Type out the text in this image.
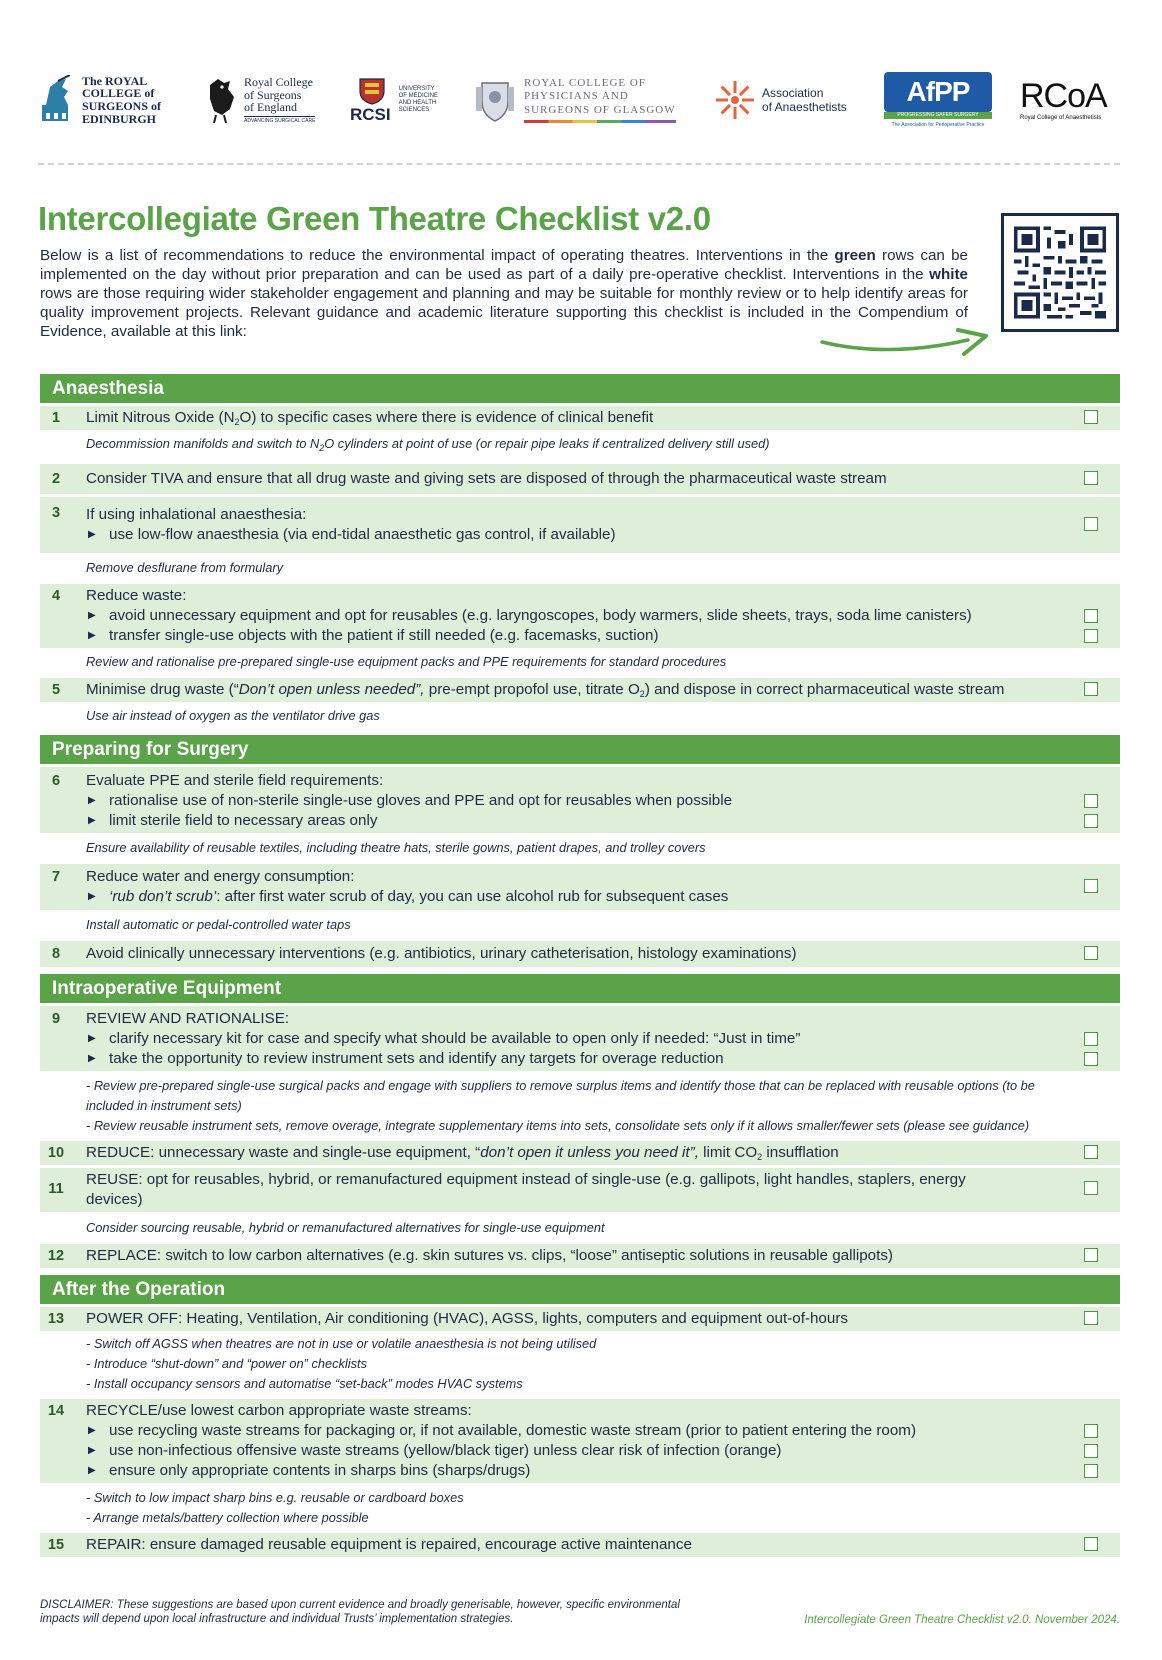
The ROYAL
COLLEGE of
SURGEONS of
EDINBURGH
Royal College
of Surgeons
of England
ADVANCING SURGICAL CARE RCSI
UNIVERSITY
OF MEDICINE
AND HEALTH
SCIENCES
ROYAL COLLEGE OF
PHYSICIANS AND
SURGEONS OF GLASGOW
Association
of Anaesthetists AfPP
PROGRESSING SAFER SURGERY
The Association for Perioperative Practice
RCoA
Royal College of Anaesthetists
Intercollegiate Green Theatre Checklist v2.0
Below is a list of recommendations to reduce the environmental impact of operating theatres. Interventions in the green rows can be implemented on the day without prior preparation and can be used as part of a daily pre-operative checklist. Interventions in the white rows are those requiring wider stakeholder engagement and planning and may be suitable for monthly review or to help identify areas for quality improvement projects. Relevant guidance and academic literature supporting this checklist is included in the Compendium of Evidence, available at this link:
Anaesthesia
1	Limit Nitrous Oxide $(N_2O)$ to specific cases where there is evidence of clinical benefit
Decommission manifolds and switch to $N_2O$ cylinders at point of use (or repair pipe leaks if centralized delivery still used)
2	Consider TIVA and ensure that all drug waste and giving sets are disposed of through the pharmaceutical waste stream
3	If using inhalational anaesthesia:
▶ use low-flow anaesthesia (via end-tidal anaesthetic gas control, if available)
Remove desflurane from formulary
4	Reduce waste:
▶ avoid unnecessary equipment and opt for reusables (e.g. laryngoscopes, body warmers, slide sheets, trays, soda lime canisters)
▶ transfer single-use objects with the patient if still needed (e.g. facemasks, suction)
Review and rationalise pre-prepared single-use equipment packs and PPE requirements for standard procedures
5	Minimise drug waste (“Don’t open unless needed”, pre-empt propofol use, titrate $O_2$) and dispose in correct pharmaceutical waste stream
Use air instead of oxygen as the ventilator drive gas
Preparing for Surgery
6	Evaluate PPE and sterile field requirements:
▶ rationalise use of non-sterile single-use gloves and PPE and opt for reusables when possible
▶ limit sterile field to necessary areas only
Ensure availability of reusable textiles, including theatre hats, sterile gowns, patient drapes, and trolley covers
7	Reduce water and energy consumption:
▶ ‘rub don’t scrub’: after first water scrub of day, you can use alcohol rub for subsequent cases
Install automatic or pedal-controlled water taps
8	Avoid clinically unnecessary interventions (e.g. antibiotics, urinary catheterisation, histology examinations)
Intraoperative Equipment
9	REVIEW AND RATIONALISE:
▶ clarify necessary kit for case and specify what should be available to open only if needed: “Just in time”
▶ take the opportunity to review instrument sets and identify any targets for overage reduction
- Review pre-prepared single-use surgical packs and engage with suppliers to remove surplus items and identify those that can be replaced with reusable options (to be included in instrument sets)
- Review reusable instrument sets, remove overage, integrate supplementary items into sets, consolidate sets only if it allows smaller/fewer sets (please see guidance)
10 REDUCE: unnecessary waste and single-use equipment, “don’t open it unless you need it”, limit $CO_2$ insufflation
11
REUSE: opt for reusables, hybrid, or remanufactured equipment instead of single-use (e.g. gallipots, light handles, staplers, energy devices)
Consider sourcing reusable, hybrid or remanufactured alternatives for single-use equipment
12 REPLACE: switch to low carbon alternatives (e.g. skin sutures vs. clips, “loose” antiseptic solutions in reusable gallipots)
After the Operation
13 POWER OFF: Heating, Ventilation, Air conditioning (HVAC), AGSS, lights, computers and equipment out-of-hours
- Switch off AGSS when theatres are not in use or volatile anaesthesia is not being utilised
- Introduce “shut-down” and “power on” checklists
- Install occupancy sensors and automatise “set-back” modes HVAC systems
14 RECYCLE/use lowest carbon appropriate waste streams:
▶ use recycling waste streams for packaging or, if not available, domestic waste stream (prior to patient entering the room)
▶ use non-infectious offensive waste streams (yellow/black tiger) unless clear risk of infection (orange)
▶ ensure only appropriate contents in sharps bins (sharps/drugs)
- Switch to low impact sharp bins e.g. reusable or cardboard boxes
- Arrange metals/battery collection where possible
15 REPAIR: ensure damaged reusable equipment is repaired, encourage active maintenance
DISCLAIMER: These suggestions are based upon current evidence and broadly generisable, however, specific environmental impacts will depend upon local infrastructure and individual Trusts’ implementation strategies.	Intercollegiate Green Theatre Checklist v2.0. November 2024.
